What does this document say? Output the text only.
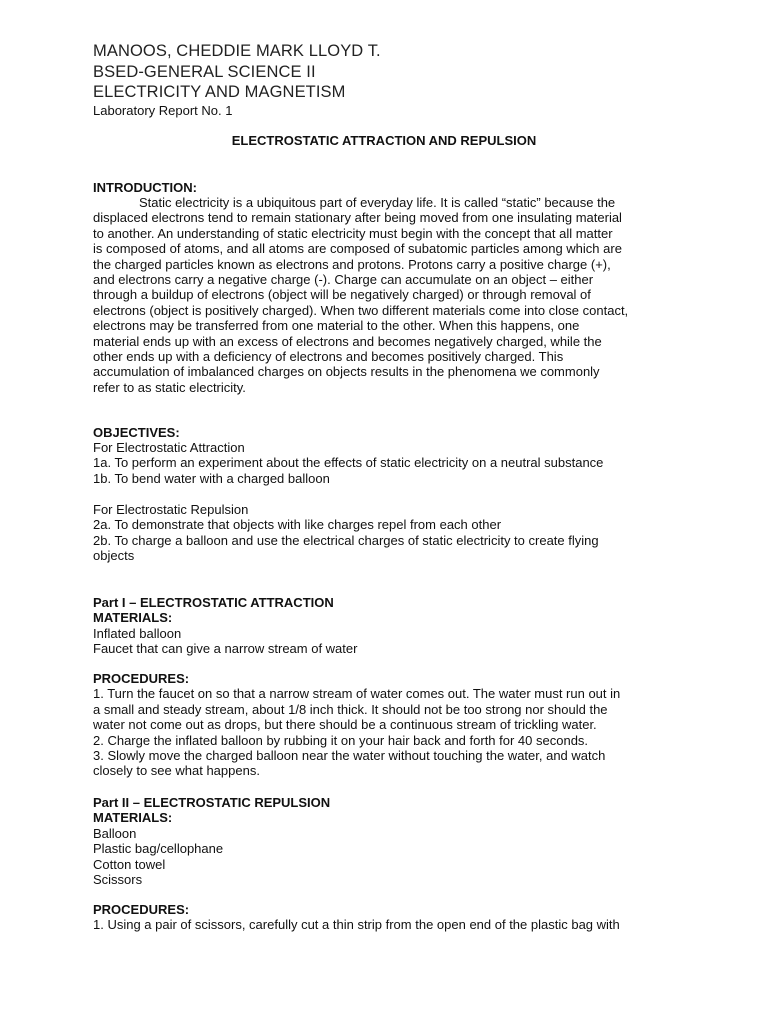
MANOOS, CHEDDIE MARK LLOYD T.
BSED-GENERAL SCIENCE II
ELECTRICITY AND MAGNETISM
Laboratory Report No. 1
ELECTROSTATIC ATTRACTION AND REPULSION
INTRODUCTION:
Static electricity is a ubiquitous part of everyday life. It is called “static” because the
displaced electrons tend to remain stationary after being moved from one insulating material
to another. An understanding of static electricity must begin with the concept that all matter
is composed of atoms, and all atoms are composed of subatomic particles among which are
the charged particles known as electrons and protons. Protons carry a positive charge (+),
and electrons carry a negative charge (-). Charge can accumulate on an object – either
through a buildup of electrons (object will be negatively charged) or through removal of
electrons (object is positively charged). When two different materials come into close contact,
electrons may be transferred from one material to the other. When this happens, one
material ends up with an excess of electrons and becomes negatively charged, while the
other ends up with a deficiency of electrons and becomes positively charged. This
accumulation of imbalanced charges on objects results in the phenomena we commonly
refer to as static electricity.
OBJECTIVES:
For Electrostatic Attraction
1a. To perform an experiment about the effects of static electricity on a neutral substance
1b. To bend water with a charged balloon
For Electrostatic Repulsion
2a. To demonstrate that objects with like charges repel from each other
2b. To charge a balloon and use the electrical charges of static electricity to create flying
objects
Part I – ELECTROSTATIC ATTRACTION
MATERIALS:
Inflated balloon
Faucet that can give a narrow stream of water
PROCEDURES:
1. Turn the faucet on so that a narrow stream of water comes out. The water must run out in
a small and steady stream, about 1/8 inch thick. It should not be too strong nor should the
water not come out as drops, but there should be a continuous stream of trickling water.
2. Charge the inflated balloon by rubbing it on your hair back and forth for 40 seconds.
3. Slowly move the charged balloon near the water without touching the water, and watch
closely to see what happens.
Part II – ELECTROSTATIC REPULSION
MATERIALS:
Balloon
Plastic bag/cellophane
Cotton towel
Scissors
PROCEDURES:
1. Using a pair of scissors, carefully cut a thin strip from the open end of the plastic bag with
